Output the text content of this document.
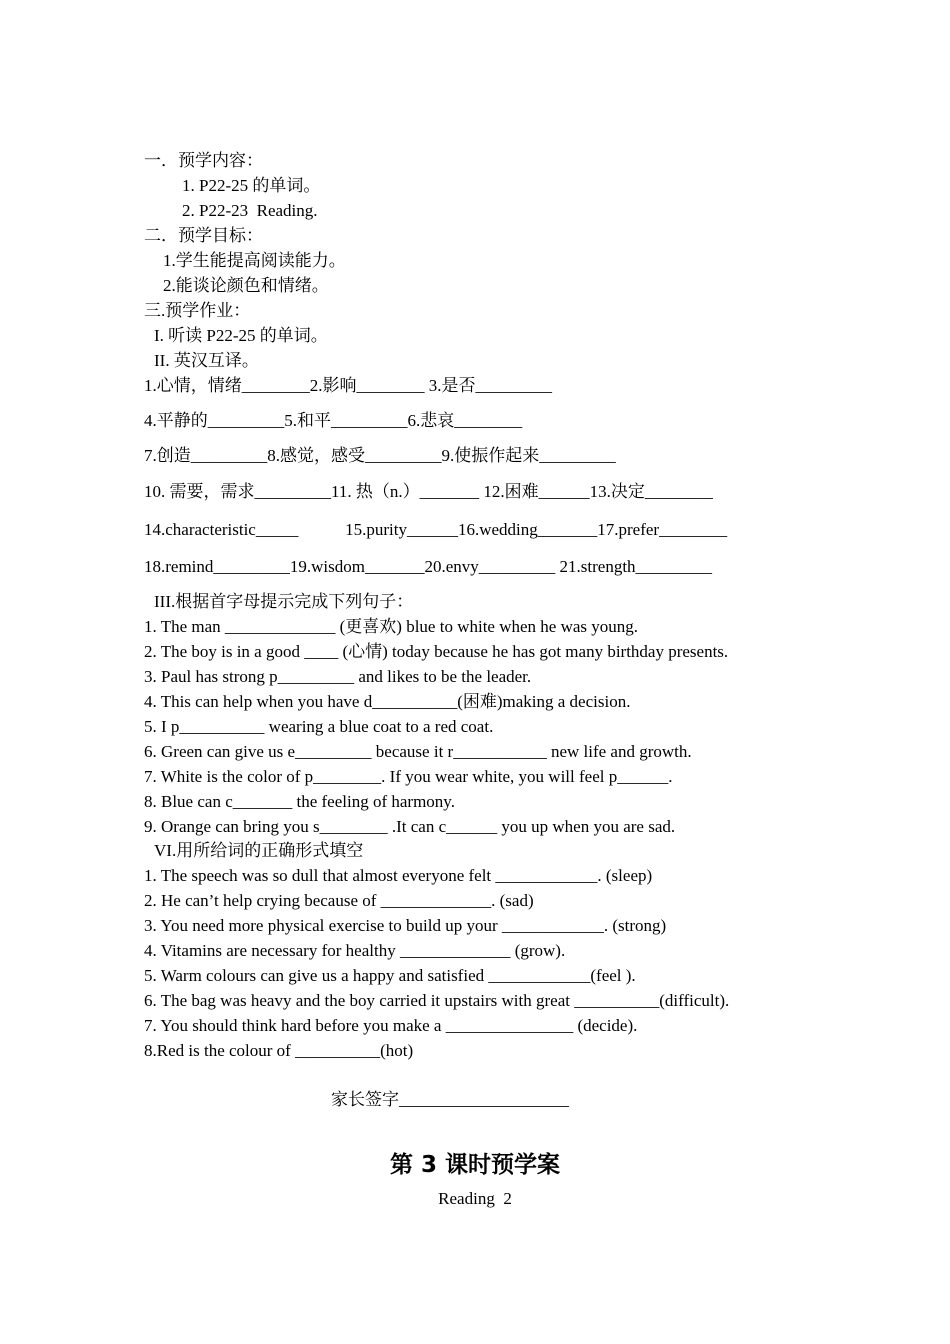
一．预学内容：
1. P22-25 的单词。
2. P22-23  Reading.
二．预学目标：
1.学生能提高阅读能力。
2.能谈论颜色和情绪。
三.预学作业：
I. 听读 P22-25 的单词。
II. 英汉互译。
1.心情，情绪________2.影响________ 3.是否_________
4.平静的_________5.和平_________6.悲哀________
7.创造_________8.感觉，感受_________9.使振作起来_________
10. 需要，需求_________11. 热（n.）_______ 12.困难______13.决定________
14.characteristic_____           15.purity______16.wedding_______17.prefer________
18.remind_________19.wisdom_______20.envy_________ 21.strength_________
III.根据首字母提示完成下列句子：
1. The man _____________ (更喜欢) blue to white when he was young.
2. The boy is in a good ____ (心情) today because he has got many birthday presents.
3. Paul has strong p_________ and likes to be the leader.
4. This can help when you have d__________(困难)making a decision.
5. I p__________ wearing a blue coat to a red coat.
6. Green can give us e_________ because it r___________ new life and growth.
7. White is the color of p________. If you wear white, you will feel p______.
8. Blue can c_______ the feeling of harmony.
9. Orange can bring you s________ .It can c______ you up when you are sad.
VI.用所给词的正确形式填空
1. The speech was so dull that almost everyone felt ____________. (sleep)
2. He can’t help crying because of _____________. (sad)
3. You need more physical exercise to build up your ____________. (strong)
4. Vitamins are necessary for healthy _____________ (grow).
5. Warm colours can give us a happy and satisfied ____________(feel ).
6. The bag was heavy and the boy carried it upstairs with great __________(difficult).
7. You should think hard before you make a _______________ (decide).
8.Red is the colour of __________(hot)
家长签字____________________
第 3 课时预学案
Reading  2
